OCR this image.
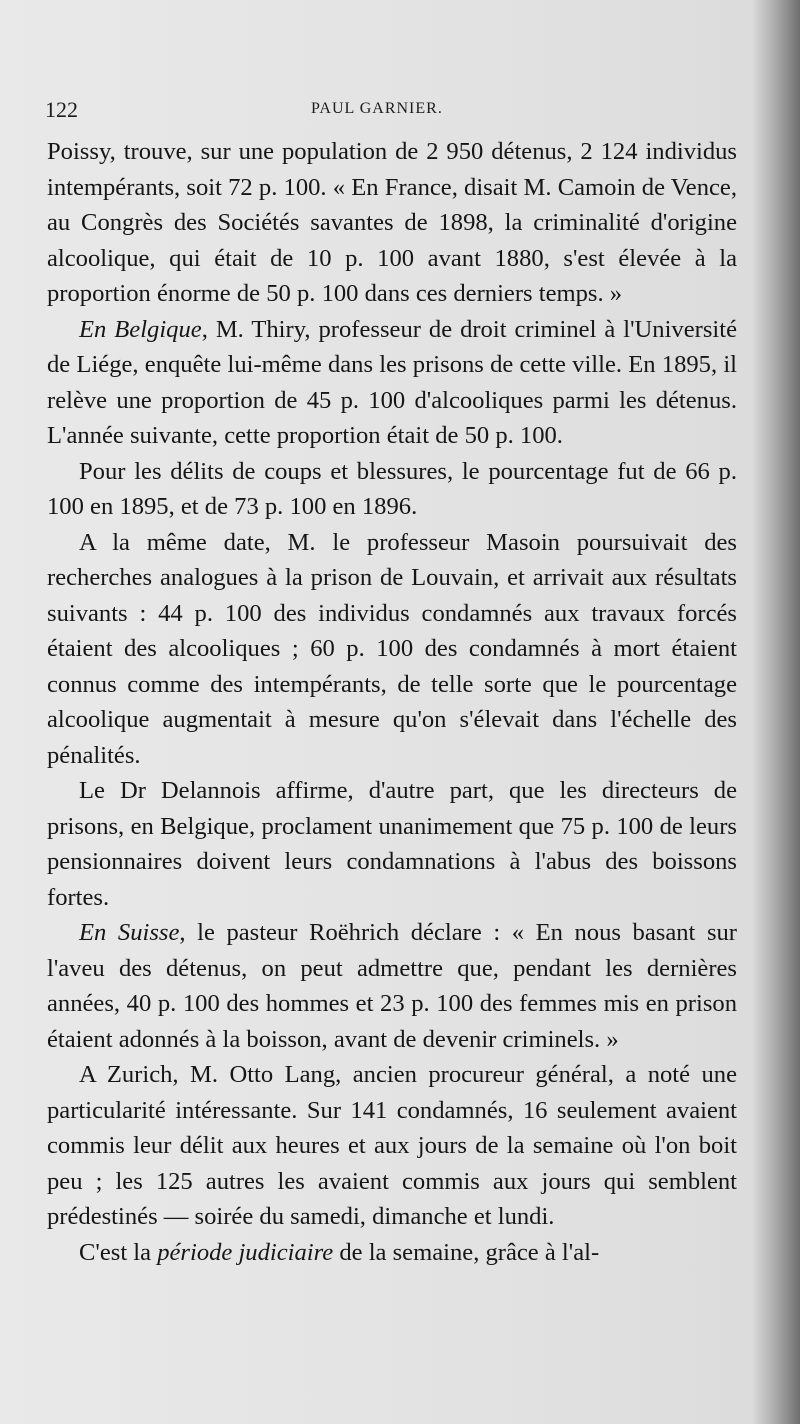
122	PAUL GARNIER.

Poissy, trouve, sur une population de 2 950 détenus, 2 124 individus intempérants, soit 72 p. 100. « En France, disait M. Camoin de Vence, au Congrès des Sociétés savantes de 1898, la criminalité d'origine alcoolique, qui était de 10 p. 100 avant 1880, s'est élevée à la proportion énorme de 50 p. 100 dans ces derniers temps. »

En Belgique, M. Thiry, professeur de droit criminel à l'Université de Liége, enquête lui-même dans les prisons de cette ville. En 1895, il relève une proportion de 45 p. 100 d'alcooliques parmi les détenus. L'année suivante, cette proportion était de 50 p. 100.

Pour les délits de coups et blessures, le pourcentage fut de 66 p. 100 en 1895, et de 73 p. 100 en 1896.

A la même date, M. le professeur Masoin poursuivait des recherches analogues à la prison de Louvain, et arrivait aux résultats suivants : 44 p. 100 des individus condamnés aux travaux forcés étaient des alcooliques ; 60 p. 100 des condamnés à mort étaient connus comme des intempérants, de telle sorte que le pourcentage alcoolique augmentait à mesure qu'on s'élevait dans l'échelle des pénalités.

Le Dr Delannois affirme, d'autre part, que les directeurs de prisons, en Belgique, proclament unanimement que 75 p. 100 de leurs pensionnaires doivent leurs condamnations à l'abus des boissons fortes.

En Suisse, le pasteur Roëhrich déclare : « En nous basant sur l'aveu des détenus, on peut admettre que, pendant les dernières années, 40 p. 100 des hommes et 23 p. 100 des femmes mis en prison étaient adonnés à la boisson, avant de devenir criminels. »

A Zurich, M. Otto Lang, ancien procureur général, a noté une particularité intéressante. Sur 141 condamnés, 16 seulement avaient commis leur délit aux heures et aux jours de la semaine où l'on boit peu ; les 125 autres les avaient commis aux jours qui semblent prédestinés — soirée du samedi, dimanche et lundi.

C'est la période judiciaire de la semaine, grâce à l'al-
